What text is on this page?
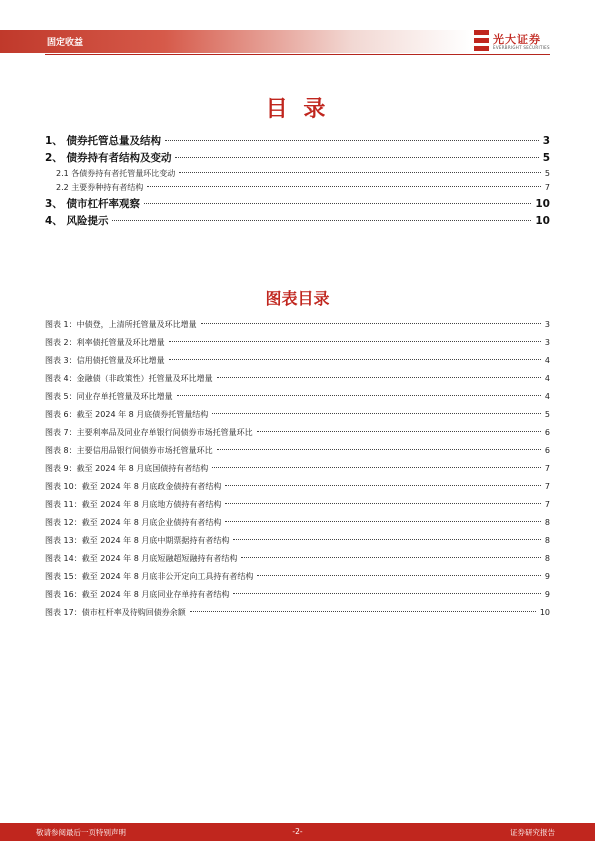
固定收益	光大证券
EVERBRIGHT SECURITIES
目 录
1、 债券托管总量及结构	3
2、 债券持有者结构及变动	5
2.1 各债券持有者托管量环比变动	5
2.2 主要券种持有者结构	7
3、 债市杠杆率观察	10
4、 风险提示	10
图表目录
图表 1：中债登，上清所托管量及环比增量	3
图表 2：利率债托管量及环比增量	3
图表 3：信用债托管量及环比增量	4
图表 4：金融债（非政策性）托管量及环比增量	4
图表 5：同业存单托管量及环比增量	4
图表 6：截至 2024 年 8 月底债券托管量结构	5
图表 7：主要利率品及同业存单银行间债券市场托管量环比	6
图表 8：主要信用品银行间债券市场托管量环比	6
图表 9：截至 2024 年 8 月底国债持有者结构	7
图表 10：截至 2024 年 8 月底政金债持有者结构	7
图表 11：截至 2024 年 8 月底地方债持有者结构	7
图表 12：截至 2024 年 8 月底企业债持有者结构	8
图表 13：截至 2024 年 8 月底中期票据持有者结构	8
图表 14：截至 2024 年 8 月底短融超短融持有者结构	8
图表 15：截至 2024 年 8 月底非公开定向工具持有者结构	9
图表 16：截至 2024 年 8 月底同业存单持有者结构	9
图表 17：债市杠杆率及待购回债券余额	10
敬请参阅最后一页特别声明	-2-	证券研究报告
